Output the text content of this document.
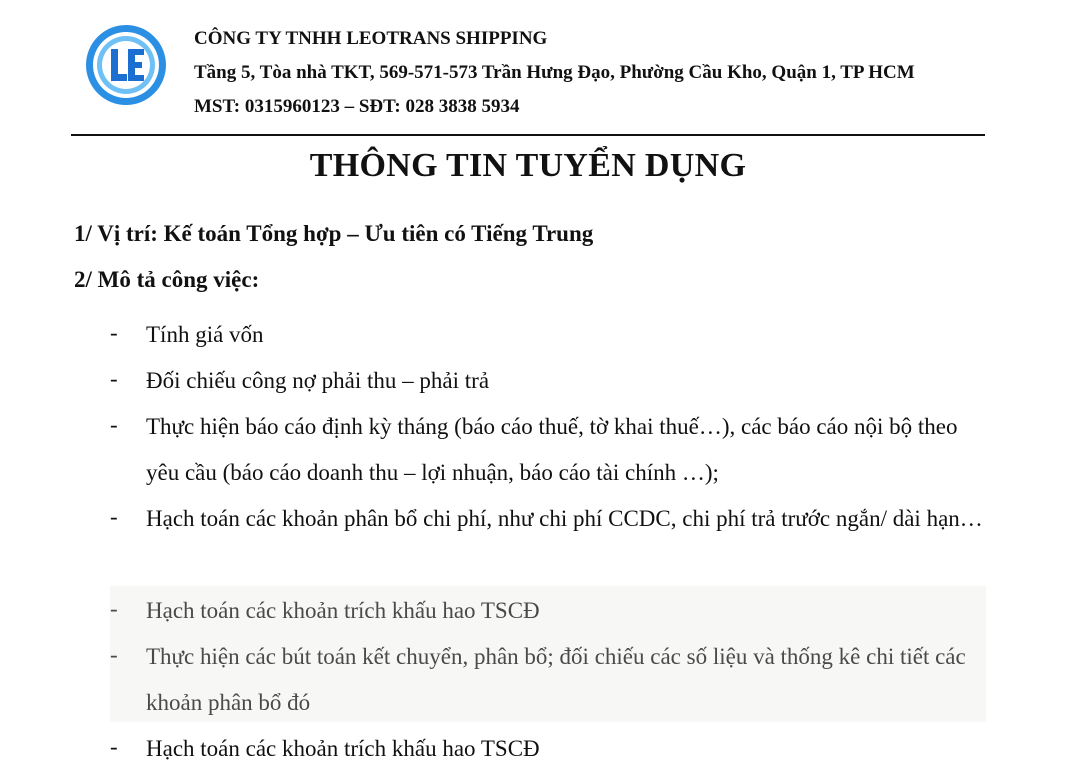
CÔNG TY TNHH LEOTRANS SHIPPING
Tầng 5, Tòa nhà TKT, 569-571-573 Trần Hưng Đạo, Phường Cầu Kho, Quận 1, TP HCM
MST: 0315960123 – SĐT: 028 3838 5934
THÔNG TIN TUYỂN DỤNG
1/ Vị trí: Kế toán Tổng hợp – Ưu tiên có Tiếng Trung
2/ Mô tả công việc:
- Tính giá vốn
- Đối chiếu công nợ phải thu – phải trả
- Thực hiện báo cáo định kỳ tháng (báo cáo thuế, tờ khai thuế…), các báo cáo nội bộ theo yêu cầu (báo cáo doanh thu – lợi nhuận, báo cáo tài chính …);
- Hạch toán các khoản phân bổ chi phí, như chi phí CCDC, chi phí trả trước ngắn/ dài hạn…
- Hạch toán các khoản trích khấu hao TSCĐ
- Thực hiện các bút toán kết chuyển, phân bổ; đối chiếu các số liệu và thống kê chi tiết các khoản phân bổ đó
- Hạch toán các khoản trích khấu hao TSCĐ
